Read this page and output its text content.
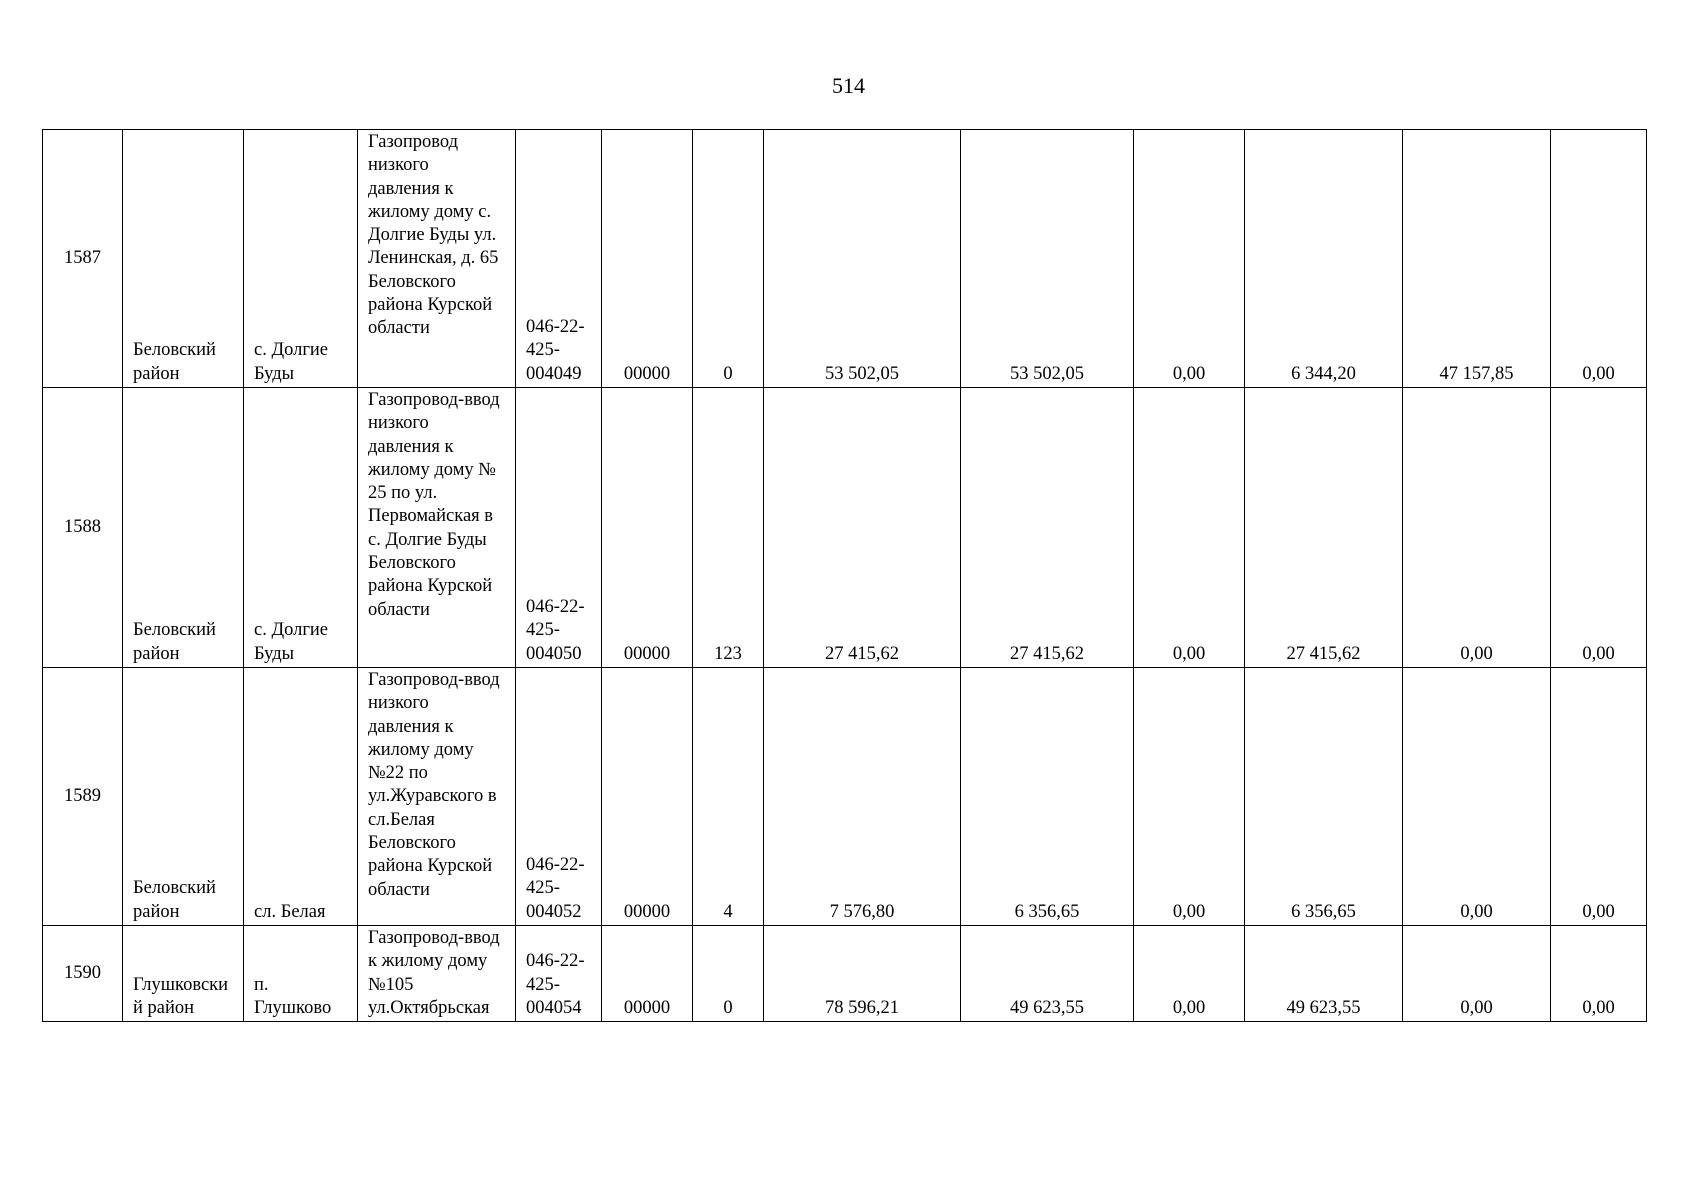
514
1587	Беловский район	с. Долгие Буды	Газопровод низкого давления к жилому дому с. Долгие Буды ул. Ленинская, д. 65 Беловского района Курской области	046-22-425-004049	00000	0	53 502,05	53 502,05	0,00	6 344,20	47 157,85	0,00
1588	Беловский район	с. Долгие Буды	Газопровод-ввод низкого давления к жилому дому № 25 по ул. Первомайская в с. Долгие Буды Беловского района Курской области	046-22-425-004050	00000	123	27 415,62	27 415,62	0,00	27 415,62	0,00	0,00
1589	Беловский район	сл. Белая	Газопровод-ввод низкого давления к жилому дому №22 по ул.Журавского в сл.Белая Беловского района Курской области	046-22-425-004052	00000	4	7 576,80	6 356,65	0,00	6 356,65	0,00	0,00
1590	Глушковский район	п. Глушково	Газопровод-ввод к жилому дому №105 ул.Октябрьская	046-22-425-004054	00000	0	78 596,21	49 623,55	0,00	49 623,55	0,00	0,00
